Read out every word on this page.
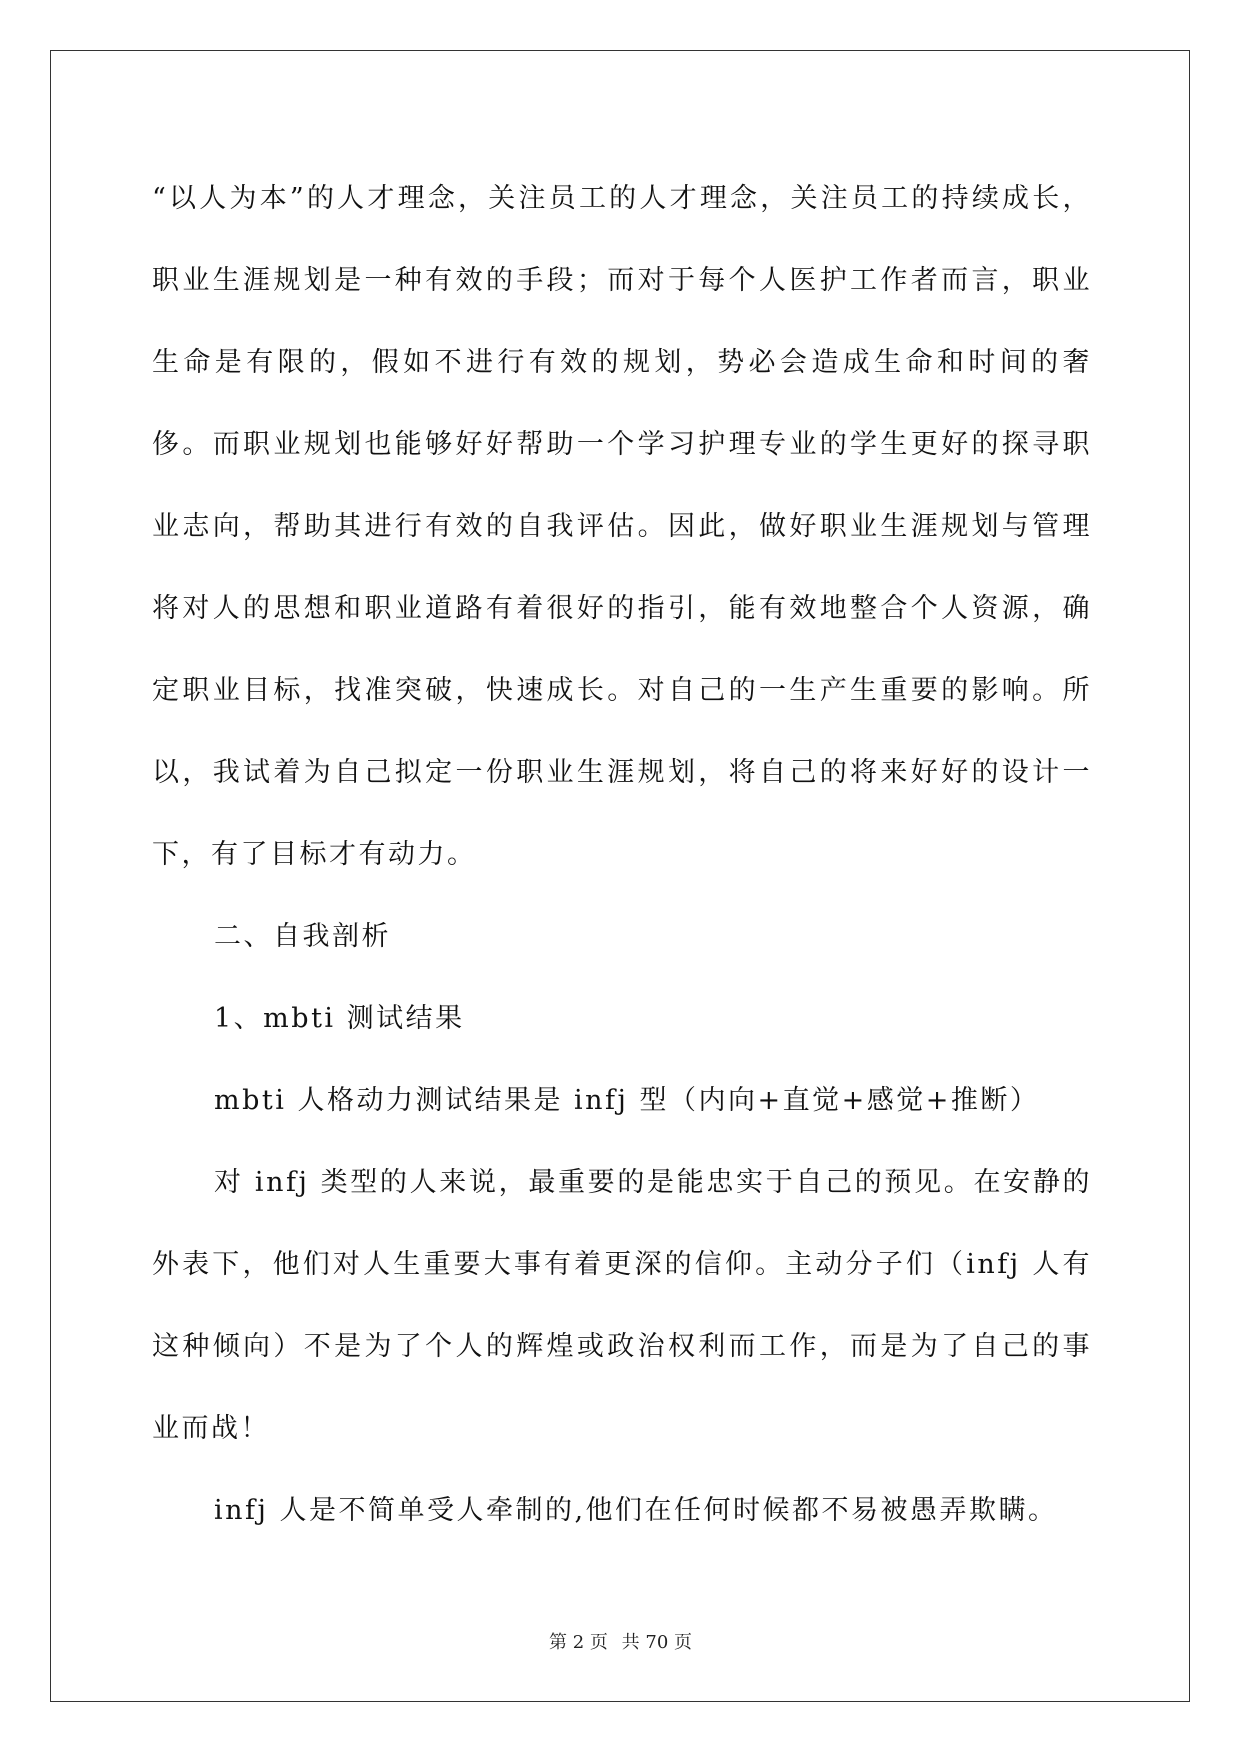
“以人为本”的人才理念，关注员工的人才理念，关注员工的持续成长，职业生涯规划是一种有效的手段；而对于每个人医护工作者而言，职业生命是有限的，假如不进行有效的规划，势必会造成生命和时间的奢侈。而职业规划也能够好好帮助一个学习护理专业的学生更好的探寻职业志向，帮助其进行有效的自我评估。因此，做好职业生涯规划与管理将对人的思想和职业道路有着很好的指引，能有效地整合个人资源，确定职业目标，找准突破，快速成长。对自己的一生产生重要的影响。所以，我试着为自己拟定一份职业生涯规划，将自己的将来好好的设计一下，有了目标才有动力。

二、自我剖析

1、mbti 测试结果

mbti 人格动力测试结果是 infj 型（内向+直觉+感觉+推断）

对 infj 类型的人来说，最重要的是能忠实于自己的预见。在安静的外表下，他们对人生重要大事有着更深的信仰。主动分子们（infj 人有这种倾向）不是为了个人的辉煌或政治权利而工作，而是为了自己的事业而战！

infj 人是不简单受人牵制的,他们在任何时候都不易被愚弄欺瞒。

第 2 页 共 70 页
